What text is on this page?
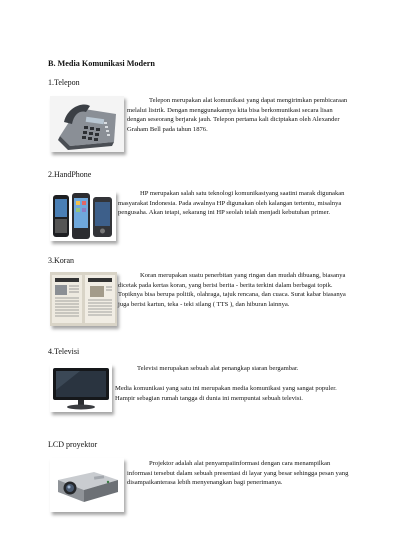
B. Media Komunikasi Modern
1.Telepon

Telepon merupakan alat komunikasi yang dapat mengirimkan pembicaraan melalui listrik. Dengan menggunakannya kita bisa berkomunikasi secara lisan dengan seseorang berjarak jauh. Telepon pertama kali diciptakan oleh Alexander Graham Bell pada tahun 1876.

2.HandPhone

HP merupakan salah satu teknologi komunikasiyang saatini marak digunakan masyarakat Indonesia. Pada awalnya HP digunakan oleh kalangan tertentu, misalnya pengusaha. Akan tetapi, sekarang ini HP seolah telah menjadi kebutuhan primer.

3.Koran

Koran merupakan suatu penerbitan yang ringan dan mudah dibuang, biasanya dicetak pada kertas koran, yang berisi berita - berita terkini dalam berbagai topik. Topiknya bisa berupa politik, olahraga, tajuk rencana, dan cuaca. Surat kabar biasanya juga berisi kartun, teka - teki silang ( TTS ), dan hiburan lainnya.

4.Televisi

Televisi merupakan sebuah alat penangkap siaran bergambar.

Media komunikasi yang satu ini merupakan media komunikasi yang sangat populer. Hampir sebagian rumah tangga di dunia ini mempuntai sebuah televisi.

LCD proyektor

Projektor adalah alat penyampaiinformasi dengan cara menampilkan informasi tersebut dalam sebuah presentasi di layar yang besar sehingga pesan yang disampaikanterasa lebih menyenangkan bagi penerimanya.
